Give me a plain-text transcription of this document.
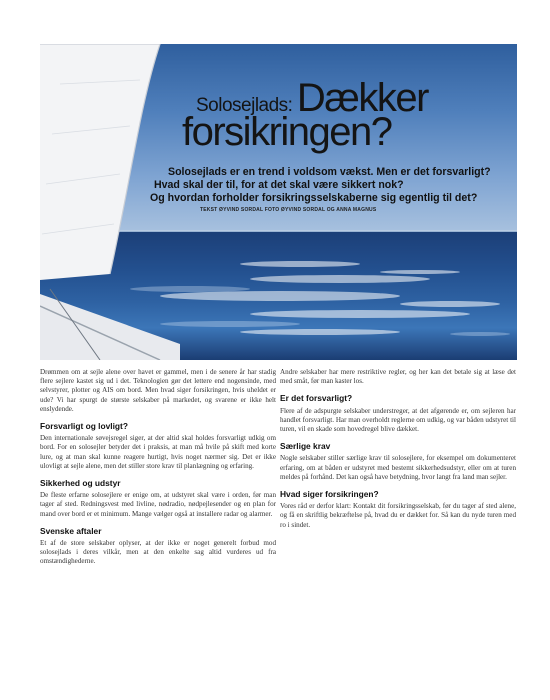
Solosejlads: Dækker
forsikringen?
Solosejlads er en trend i voldsom vækst. Men er det forsvarligt?
Hvad skal der til, for at det skal være sikkert nok?
Og hvordan forholder forsikringsselskaberne sig egentlig til det?
TEKST ØYVIND SORDAL FOTO ØYVIND SORDAL OG ANNA MAGNUS

Drømmen om at sejle alene over havet er gammel, men i de senere år har stadig flere sejlere kastet sig ud i det. Teknologien gør det lettere end nogensinde, med selvstyrer, plotter og AIS om bord. Men hvad siger forsikringen, hvis uheldet er ude? Vi har spurgt de største selskaber på markedet, og svarene er ikke helt enslydende.

Forsvarligt og lovligt?

Den internationale søvejsregel siger, at der altid skal holdes forsvarligt udkig om bord. For en solosejler betyder det i praksis, at man må hvile på skift med korte lure, og at man skal kunne reagere hurtigt, hvis noget nærmer sig. Det er ikke ulovligt at sejle alene, men det stiller store krav til planlægning og erfaring.

Sikkerhed og udstyr

De fleste erfarne solosejlere er enige om, at udstyret skal være i orden, før man tager af sted. Redningsvest med livline, nødradio, nødpejlesender og en plan for mand over bord er et minimum. Mange vælger også at installere radar og alarmer.

Svenske aftaler

Et af de store selskaber oplyser, at der ikke er noget generelt forbud mod solosejlads i deres vilkår, men at den enkelte sag altid vurderes ud fra omstændighederne.

Andre selskaber har mere restriktive regler, og her kan det betale sig at læse det med småt, før man kaster los.

Er det forsvarligt?

Flere af de adspurgte selskaber understreger, at det afgørende er, om sejleren har handlet forsvarligt. Har man overholdt reglerne om udkig, og var båden udstyret til turen, vil en skade som hovedregel blive dækket.

Særlige krav

Nogle selskaber stiller særlige krav til solosejlere, for eksempel om dokumenteret erfaring, om at båden er udstyret med bestemt sikkerhedsudstyr, eller om at turen meldes på forhånd. Det kan også have betydning, hvor langt fra land man sejler.

Hvad siger forsikringen?

Vores råd er derfor klart: Kontakt dit forsikringsselskab, før du tager af sted alene, og få en skriftlig bekræftelse på, hvad du er dækket for. Så kan du nyde turen med ro i sindet.
